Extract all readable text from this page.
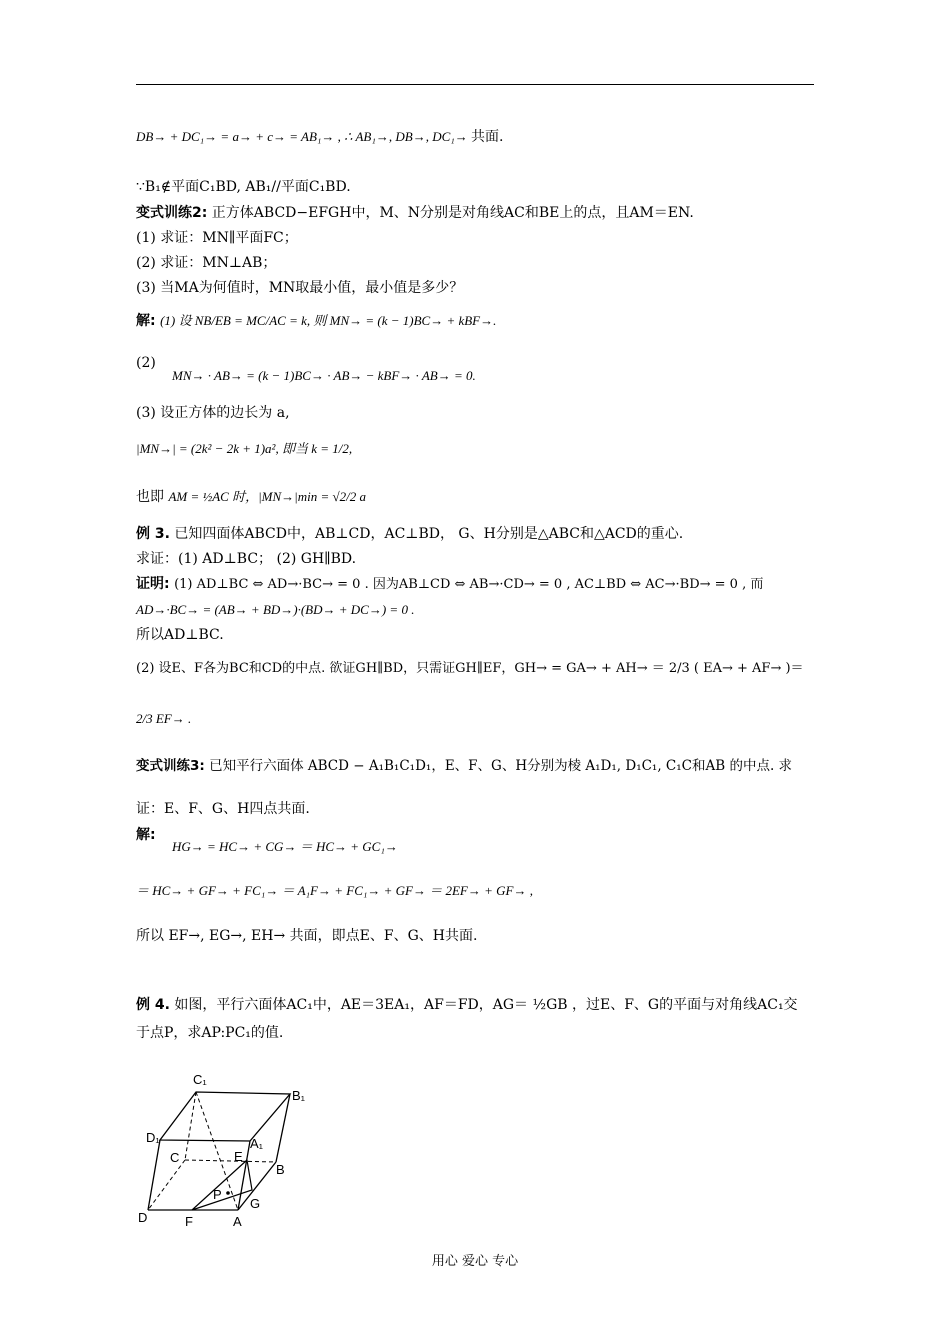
DB→ + DC₁→ = a→ + c→ = AB₁→ , ∴ AB₁→, DB→, DC₁→ 共面.
∵B₁∉平面C₁BD, AB₁//平面C₁BD.
变式训练2: 正方体ABCD−EFGH中，M、N分别是对角线AC和BE上的点，且AM＝EN.
(1) 求证：MN∥平面FC；
(2) 求证：MN⊥AB；
(3) 当MA为何值时，MN取最小值，最小值是多少？
解: (1) 设 NB/EB = MC/AC = k, 则 MN→ = (k − 1)BC→ + kBF→.
(2)
MN→ · AB→ = (k − 1)BC→ · AB→ − kBF→ · AB→ = 0.
(3) 设正方体的边长为 a,
|MN→| = (2k² − 2k + 1)a², 即当 k = 1/2,
也即 AM = ½AC 时，|MN→|min = √2/2 a
例 3. 已知四面体ABCD中，AB⊥CD，AC⊥BD， G、H分别是△ABC和△ACD的重心.
求证：(1) AD⊥BC； (2) GH∥BD.
证明: (1) AD⊥BC ⇔ AD→·BC→ = 0 . 因为AB⊥CD ⇔ AB→·CD→ = 0 , AC⊥BD ⇔ AC→·BD→ = 0 , 而
AD→·BC→ = (AB→ + BD→)·(BD→ + DC→) = 0 .
所以AD⊥BC.
(2) 设E、F各为BC和CD的中点. 欲证GH∥BD，只需证GH∥EF，GH→ = GA→ + AH→ ＝ 2/3 ( EA→ + AF→ )＝
2/3 EF→ .
变式训练3: 已知平行六面体 ABCD − A₁B₁C₁D₁，E、F、G、H分别为棱 A₁D₁, D₁C₁, C₁C和AB 的中点. 求
证：E、F、G、H四点共面.
解:
HG→ = HC→ + CG→ ＝ HC→ + GC₁→
＝ HC→ + GF→ + FC₁→ ＝ A₁F→ + FC₁→ + GF→ ＝ 2EF→ + GF→ ,
所以 EF→, EG→, EH→ 共面，即点E、F、G、H共面.
例 4. 如图，平行六面体AC₁中，AE＝3EA₁，AF＝FD，AG＝ ½GB ，过E、F、G的平面与对角线AC₁交
于点P，求AP:PC₁的值.
C₁
B₁
D₁	A₁
C	E
B
P
G
D	F	A
用心 爱心 专心
